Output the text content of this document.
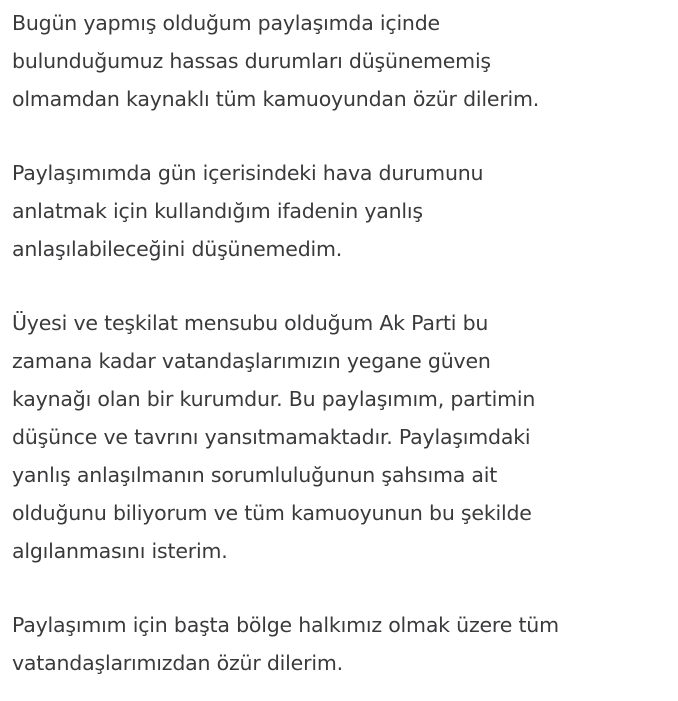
Bugün yapmış olduğum paylaşımda içinde
bulunduğumuz hassas durumları düşünememiş
olmamdan kaynaklı tüm kamuoyundan özür dilerim.
Paylaşımımda gün içerisindeki hava durumunu
anlatmak için kullandığım ifadenin yanlış
anlaşılabileceğini düşünemedim.
Üyesi ve teşkilat mensubu olduğum Ak Parti bu
zamana kadar vatandaşlarımızın yegane güven
kaynağı olan bir kurumdur. Bu paylaşımım, partimin
düşünce ve tavrını yansıtmamaktadır. Paylaşımdaki
yanlış anlaşılmanın sorumluluğunun şahsıma ait
olduğunu biliyorum ve tüm kamuoyunun bu şekilde
algılanmasını isterim.
Paylaşımım için başta bölge halkımız olmak üzere tüm
vatandaşlarımızdan özür dilerim.
